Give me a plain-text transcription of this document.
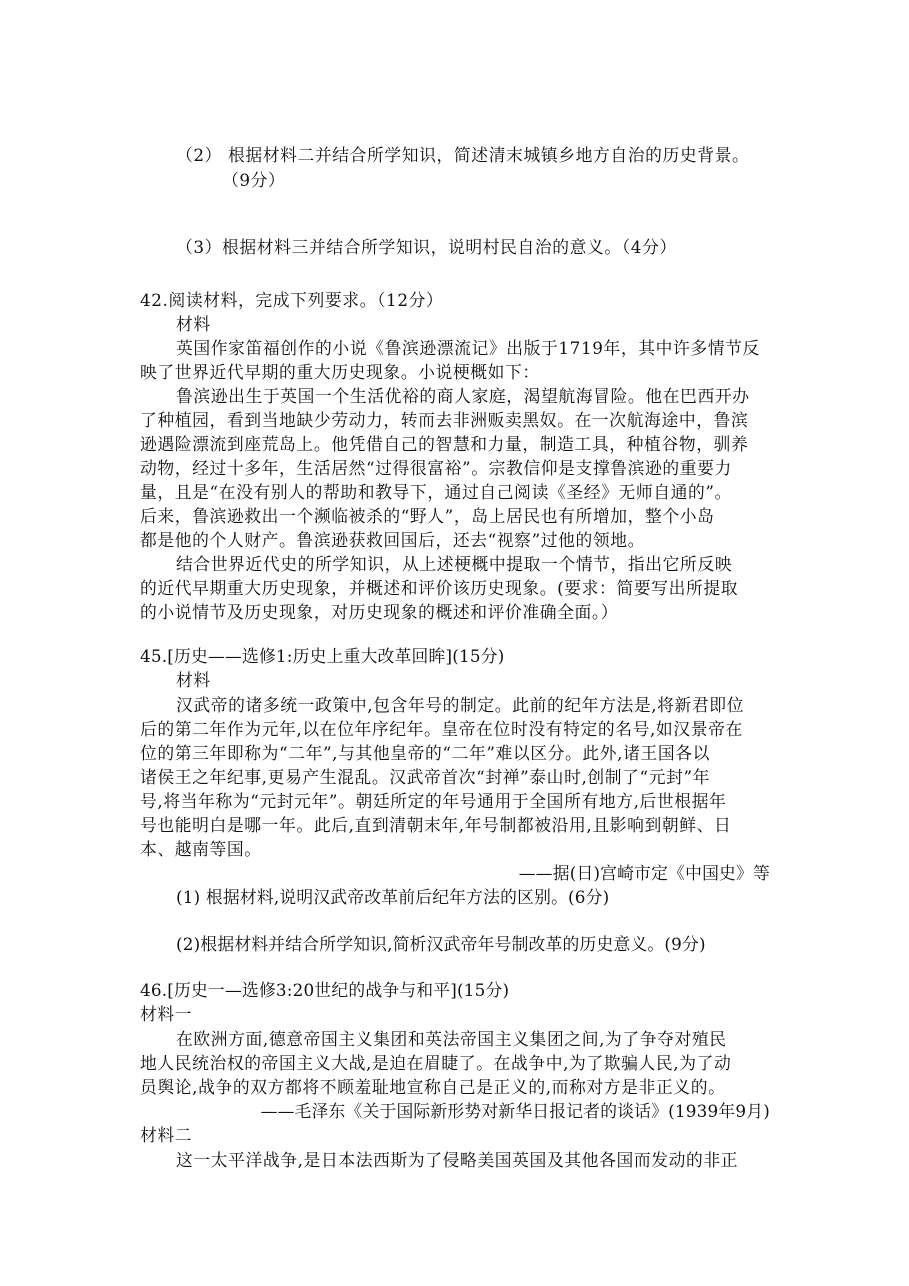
（2） 根据材料二并结合所学知识，简述清末城镇乡地方自治的历史背景。
（9分）
（3）根据材料三并结合所学知识，说明村民自治的意义。（4分）
42.阅读材料，完成下列要求。（12分）
材料
英国作家笛福创作的小说《鲁滨逊漂流记》出版于1719年，其中许多情节反
映了世界近代早期的重大历史现象。小说梗概如下：
鲁滨逊出生于英国一个生活优裕的商人家庭，渴望航海冒险。他在巴西开办
了种植园，看到当地缺少劳动力，转而去非洲贩卖黑奴。在一次航海途中，鲁滨
逊遇险漂流到座荒岛上。他凭借自己的智慧和力量，制造工具，种植谷物，驯养
动物，经过十多年，生活居然“过得很富裕”。宗教信仰是支撑鲁滨逊的重要力
量，且是“在没有别人的帮助和教导下，通过自己阅读《圣经》无师自通的”。
后来，鲁滨逊救出一个濒临被杀的“野人”，岛上居民也有所增加，整个小岛
都是他的个人财产。鲁滨逊获救回国后，还去“视察”过他的领地。
结合世界近代史的所学知识，从上述梗概中提取一个情节，指出它所反映
的近代早期重大历史现象，并概述和评价该历史现象。(要求：简要写出所提取
的小说情节及历史现象，对历史现象的概述和评价准确全面。）
45.[历史——选修1:历史上重大改革回眸](15分)
材料
汉武帝的诸多统一政策中,包含年号的制定。此前的纪年方法是,将新君即位
后的第二年作为元年,以在位年序纪年。皇帝在位时没有特定的名号,如汉景帝在
位的第三年即称为“二年”,与其他皇帝的“二年”难以区分。此外,诸王国各以
诸侯王之年纪事,更易产生混乱。汉武帝首次“封禅”泰山时,创制了“元封”年
号,将当年称为“元封元年”。朝廷所定的年号通用于全国所有地方,后世根据年
号也能明白是哪一年。此后,直到清朝末年,年号制都被沿用,且影响到朝鲜、日
本、越南等国。
——据(日)宫崎市定《中国史》等
(1) 根据材料,说明汉武帝改革前后纪年方法的区别。(6分)
(2)根据材料并结合所学知识,简析汉武帝年号制改革的历史意义。(9分)
46.[历史一—选修3:20世纪的战争与和平](15分)
材料一
在欧洲方面,德意帝国主义集团和英法帝国主义集团之间,为了争夺对殖民
地人民统治权的帝国主义大战,是迫在眉睫了。在战争中,为了欺骗人民,为了动
员舆论,战争的双方都将不顾羞耻地宣称自己是正义的,而称对方是非正义的。
——毛泽东《关于国际新形势对新华日报记者的谈话》(1939年9月)
材料二
这一太平洋战争,是日本法西斯为了侵略美国英国及其他各国而发动的非正
